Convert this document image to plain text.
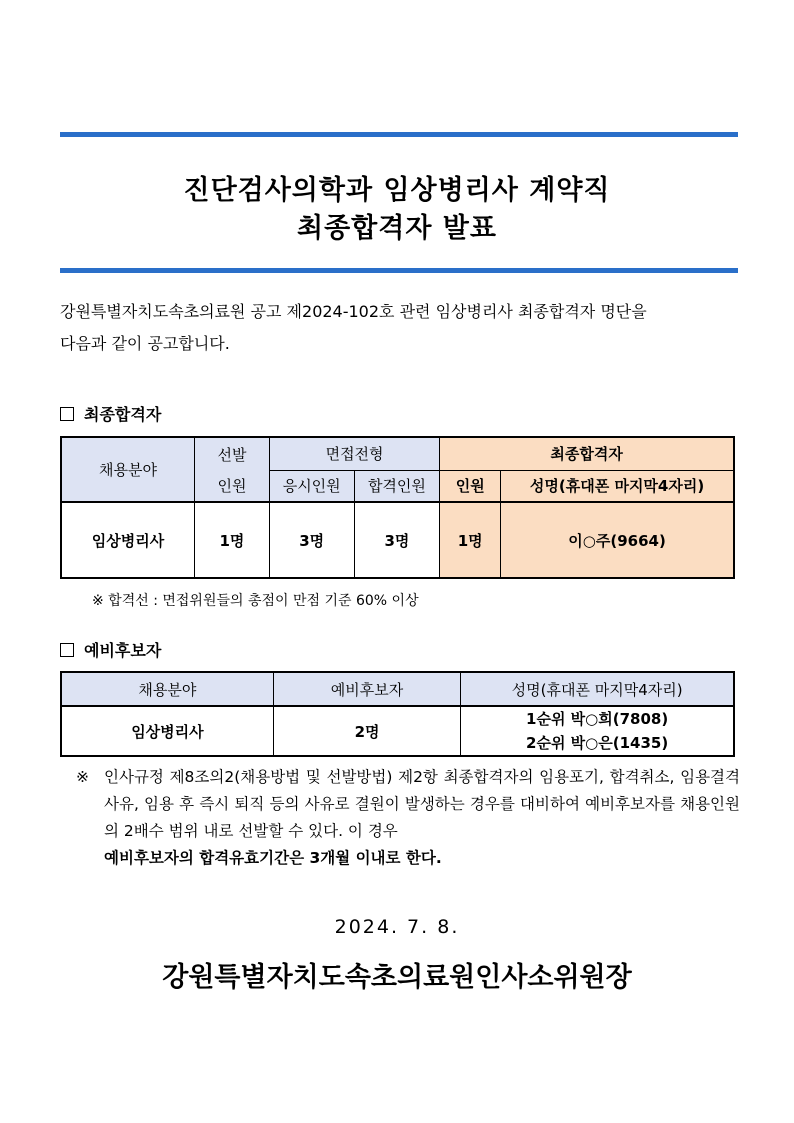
진단검사의학과 임상병리사 계약직
최종합격자 발표
강원특별자치도속초의료원 공고 제2024-102호 관련 임상병리사 최종합격자 명단을
다음과 같이 공고합니다.
최종합격자
채용분야	선발	면접전형		최종합격자	
	인원	응시인원	합격인원	인원	성명(휴대폰 마지막4자리)
임상병리사	1명	3명	3명	1명	이○주(9664)
※ 합격선 : 면접위원들의 총점이 만점 기준 60% 이상
예비후보자
채용분야	예비후보자	성명(휴대폰 마지막4자리)
임상병리사	2명	1순위 박○희(7808)
2순위 박○은(1435)
※ 인사규정 제8조의2(채용방법 및 선발방법) 제2항 최종합격자의 임용포기, 합격취소, 임용결격 사유, 임용 후 즉시 퇴직 등의 사유로 결원이 발생하는 경우를 대비하여 예비후보자를 채용인원의 2배수 범위 내로 선발할 수 있다. 이 경우
예비후보자의 합격유효기간은 3개월 이내로 한다.
2024. 7. 8.
강원특별자치도속초의료원인사소위원장
